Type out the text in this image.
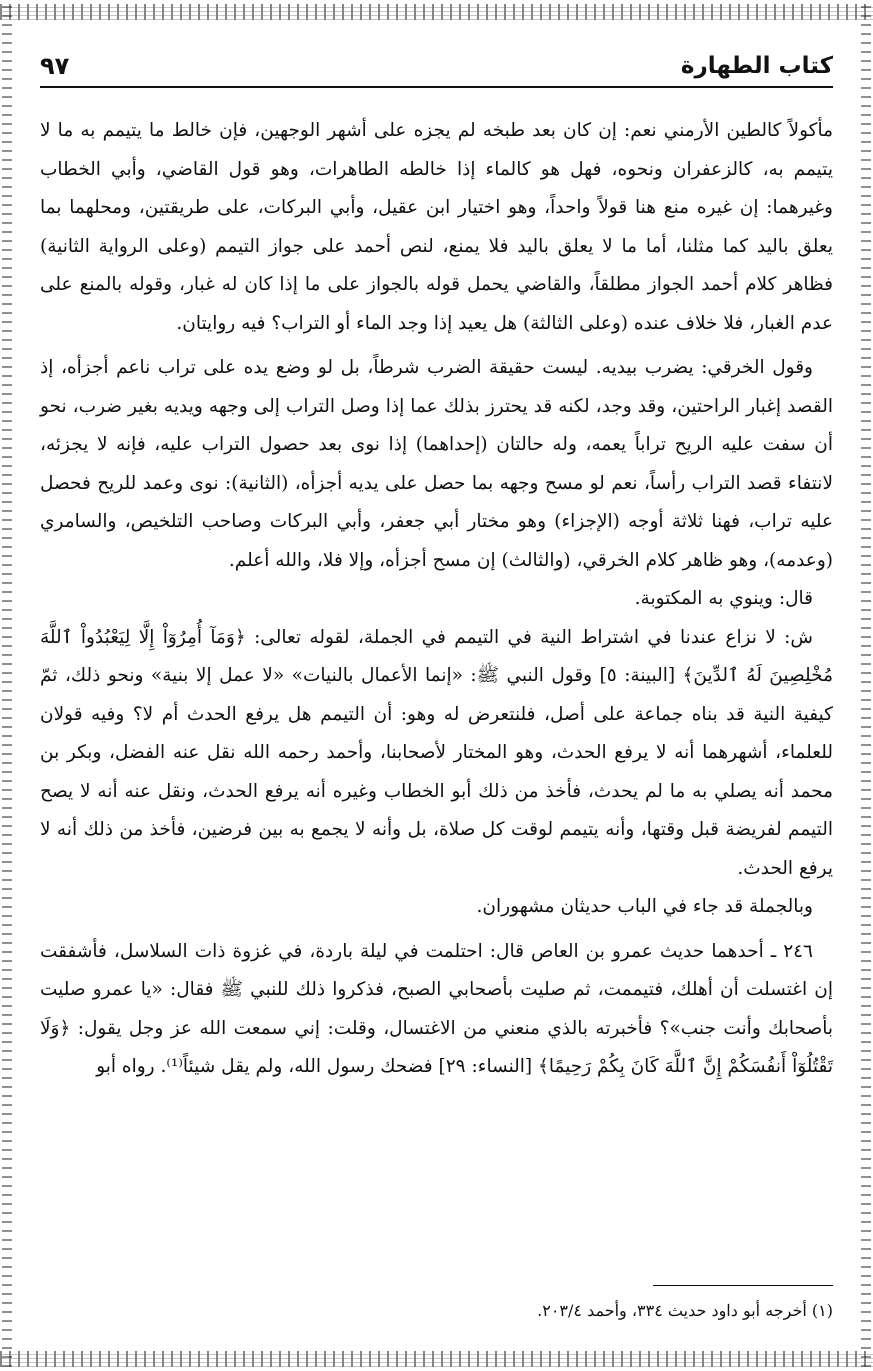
كتاب الطهارة
٩٧

مأكولاً كالطين الأرمني نعم: إن كان بعد طبخه لم يجزه على أشهر الوجهين، فإن خالط ما يتيمم به ما لا يتيمم به، كالزعفران ونحوه، فهل هو كالماء إذا خالطه الطاهرات، وهو قول القاضي، وأبي الخطاب وغيرهما: إن غيره منع هنا قولاً واحداً، وهو اختيار ابن عقيل، وأبي البركات، على طريقتين، ومحلهما بما يعلق باليد كما مثلنا، أما ما لا يعلق باليد فلا يمنع، لنص أحمد على جواز التيمم (وعلى الرواية الثانية) فظاهر كلام أحمد الجواز مطلقاً، والقاضي يحمل قوله بالجواز على ما إذا كان له غبار، وقوله بالمنع على عدم الغبار، فلا خلاف عنده (وعلى الثالثة) هل يعيد إذا وجد الماء أو التراب؟ فيه روايتان.

وقول الخرقي: يضرب بيديه. ليست حقيقة الضرب شرطاً، بل لو وضع يده على تراب ناعم أجزأه، إذ القصد إغبار الراحتين، وقد وجد، لكنه قد يحترز بذلك عما إذا وصل التراب إلى وجهه ويديه بغير ضرب، نحو أن سفت عليه الريح تراباً يعمه، وله حالتان (إحداهما) إذا نوى بعد حصول التراب عليه، فإنه لا يجزئه، لانتفاء قصد التراب رأساً، نعم لو مسح وجهه بما حصل على يديه أجزأه، (الثانية): نوى وعمد للريح فحصل عليه تراب، فهنا ثلاثة أوجه (الإجزاء) وهو مختار أبي جعفر، وأبي البركات وصاحب التلخيص، والسامري (وعدمه)، وهو ظاهر كلام الخرقي، (والثالث) إن مسح أجزأه، وإلا فلا، والله أعلم.

قال: وينوي به المكتوبة.

ش: لا نزاع عندنا في اشتراط النية في التيمم في الجملة، لقوله تعالى: ﴿وَمَآ أُمِرُوٓاْ إِلَّا لِيَعْبُدُواْ ٱللَّهَ مُخْلِصِينَ لَهُ ٱلدِّينَ﴾ [البينة: ٥] وقول النبي ﷺ: «إنما الأعمال بالنيات» «لا عمل إلا بنية» ونحو ذلك، ثمّ كيفية النية قد بناه جماعة على أصل، فلنتعرض له وهو: أن التيمم هل يرفع الحدث أم لا؟ وفيه قولان للعلماء، أشهرهما أنه لا يرفع الحدث، وهو المختار لأصحابنا، وأحمد رحمه الله نقل عنه الفضل، وبكر بن محمد أنه يصلي به ما لم يحدث، فأخذ من ذلك أبو الخطاب وغيره أنه يرفع الحدث، ونقل عنه أنه لا يصح التيمم لفريضة قبل وقتها، وأنه يتيمم لوقت كل صلاة، بل وأنه لا يجمع به بين فرضين، فأخذ من ذلك أنه لا يرفع الحدث.

وبالجملة قد جاء في الباب حديثان مشهوران.

٢٤٦ ـ أحدهما حديث عمرو بن العاص قال: احتلمت في ليلة باردة، في غزوة ذات السلاسل، فأشفقت إن اغتسلت أن أهلك، فتيممت، ثم صليت بأصحابي الصبح، فذكروا ذلك للنبي ﷺ فقال: «يا عمرو صليت بأصحابك وأنت جنب»؟ فأخبرته بالذي منعني من الاغتسال، وقلت: إني سمعت الله عز وجل يقول: ﴿وَلَا تَقْتُلُوٓاْ أَنفُسَكُمْ إِنَّ ٱللَّهَ كَانَ بِكُمْ رَحِيمًا﴾ [النساء: ٢٩] فضحك رسول الله، ولم يقل شيئاً⁽¹⁾. رواه أبو

(١) أخرجه أبو داود حديث ٣٣٤، وأحمد ٢٠٣/٤.
